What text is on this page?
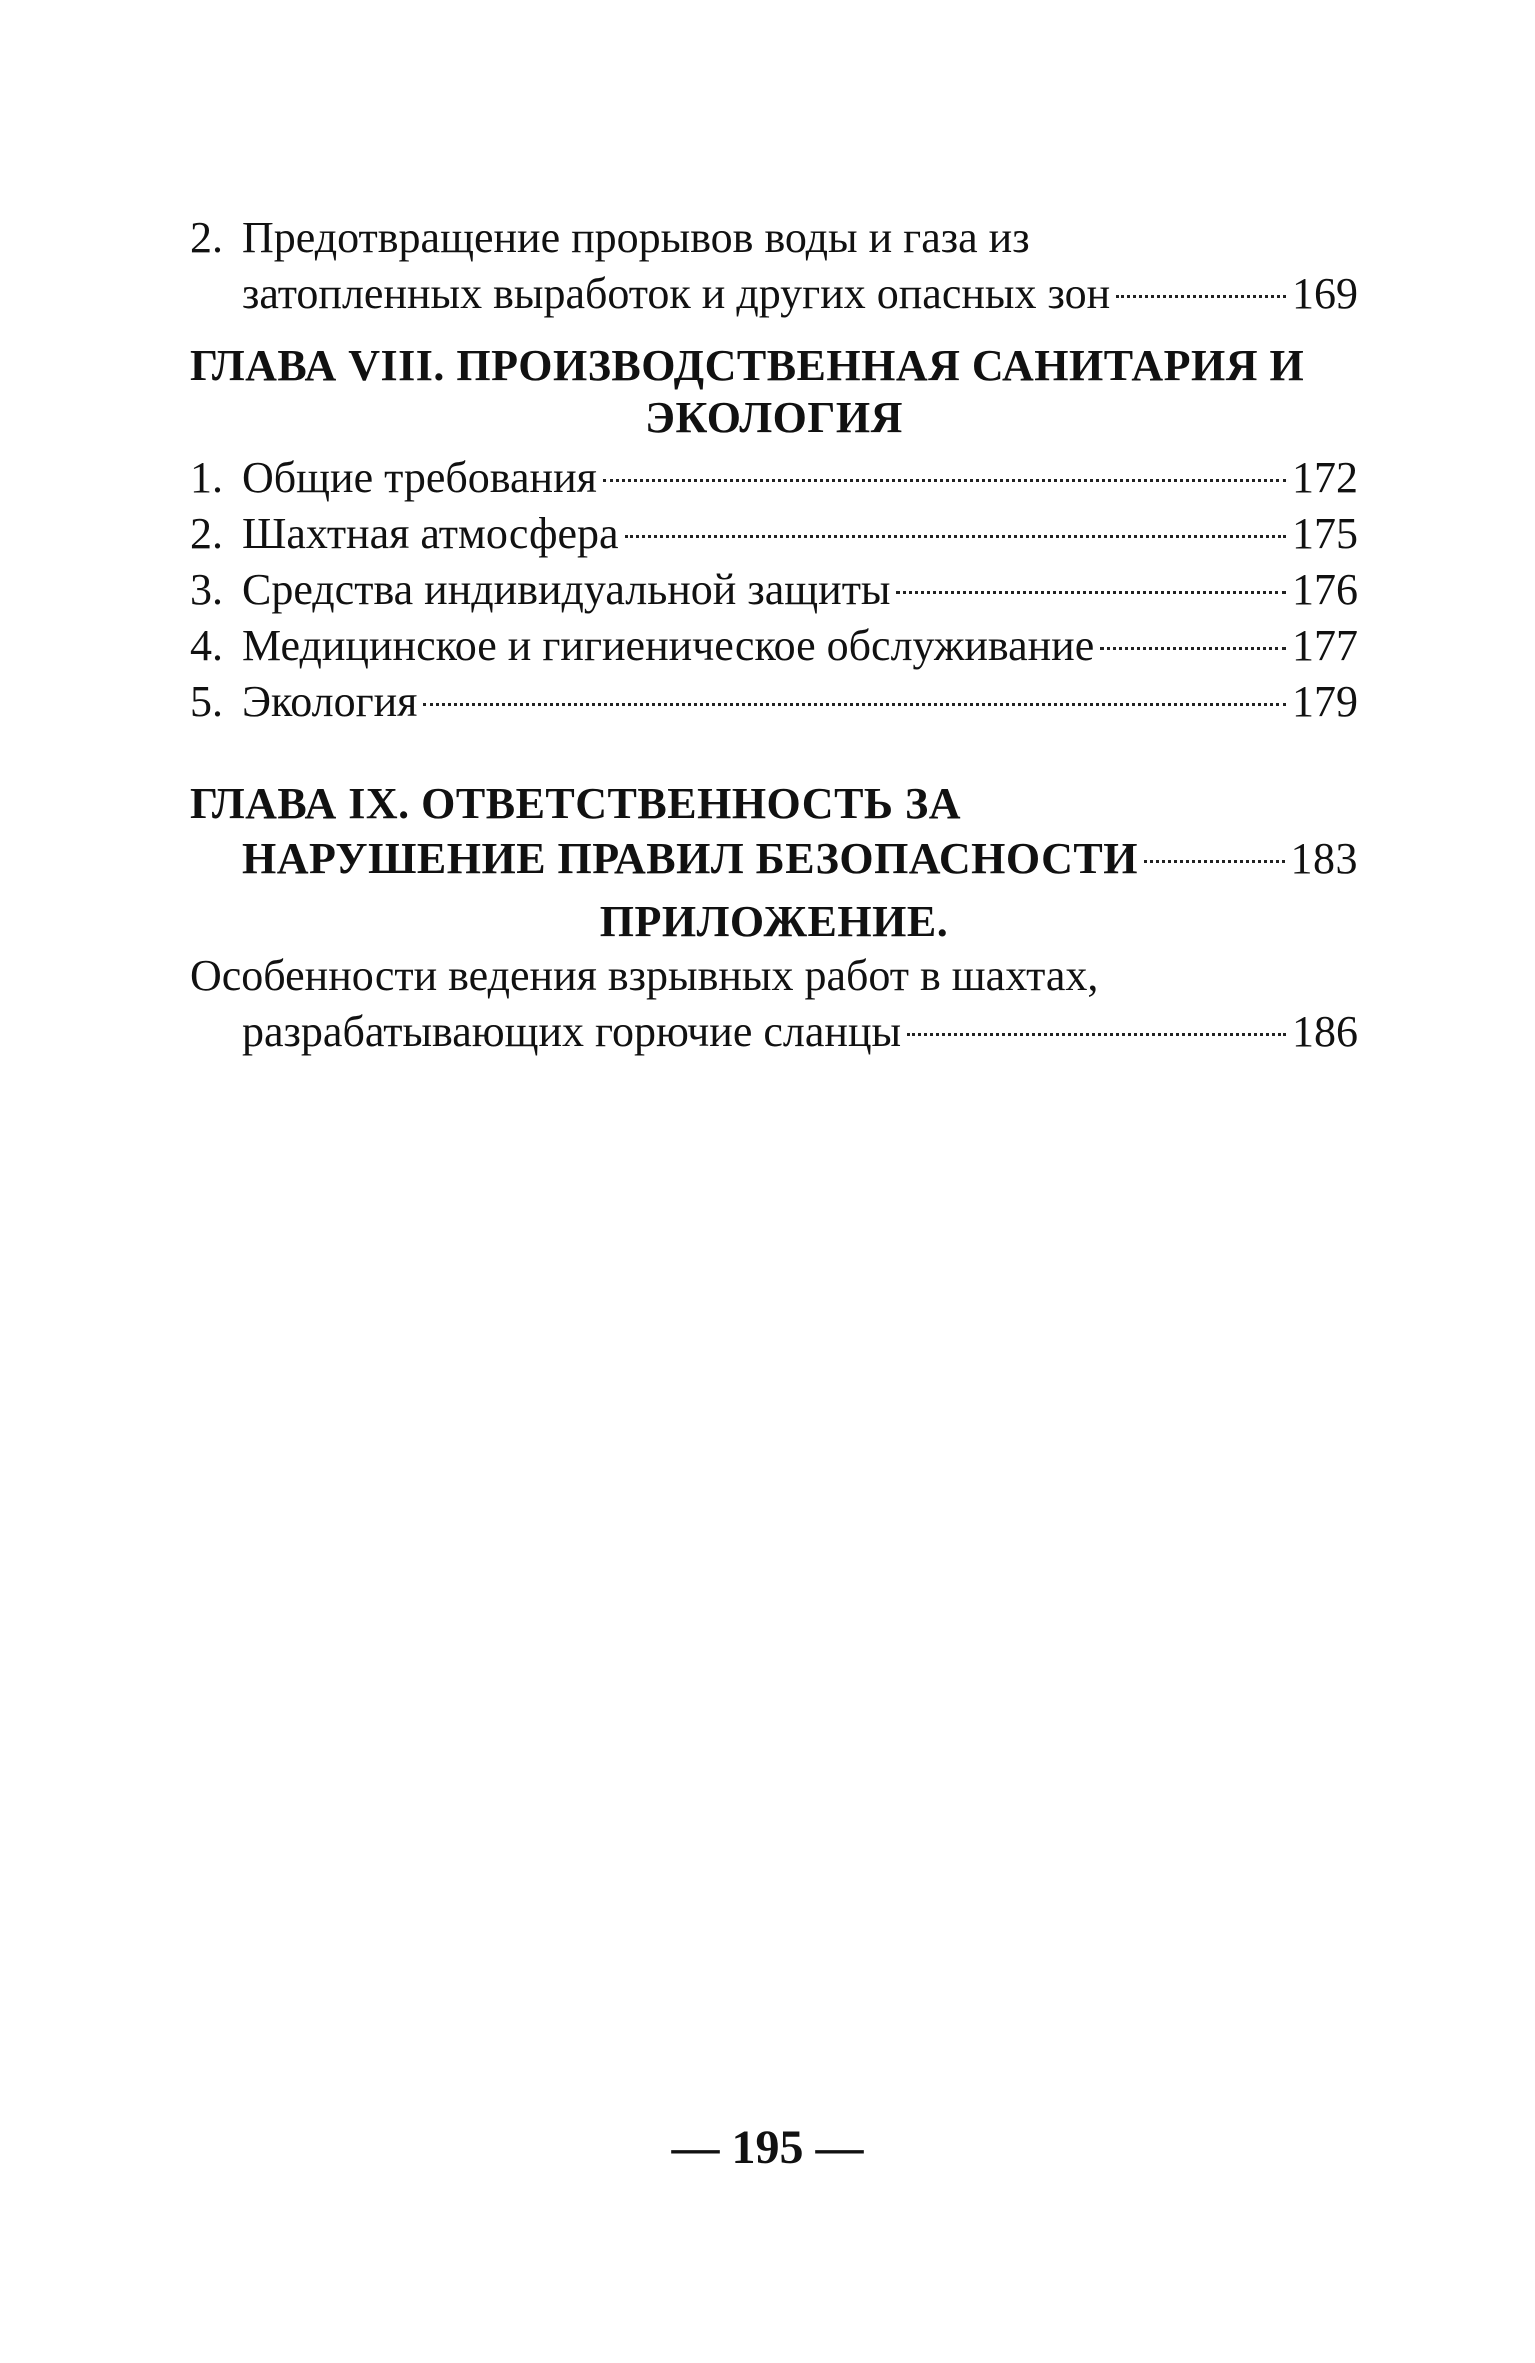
2. Предотвращение прорывов воды и газа из
затопленных выработок и других опасных зон	169
ГЛАВА VIII. ПРОИЗВОДСТВЕННАЯ САНИТАРИЯ И
ЭКОЛОГИЯ
1. Общие требования	172
2. Шахтная атмосфера	175
3. Средства индивидуальной защиты	176
4. Медицинское и гигиеническое обслуживание	177
5. Экология	179
ГЛАВА IX. ОТВЕТСТВЕННОСТЬ ЗА
НАРУШЕНИЕ ПРАВИЛ БЕЗОПАСНОСТИ	183
ПРИЛОЖЕНИЕ.
Особенности ведения взрывных работ в шахтах,
разрабатывающих горючие сланцы	186
— 195 —
